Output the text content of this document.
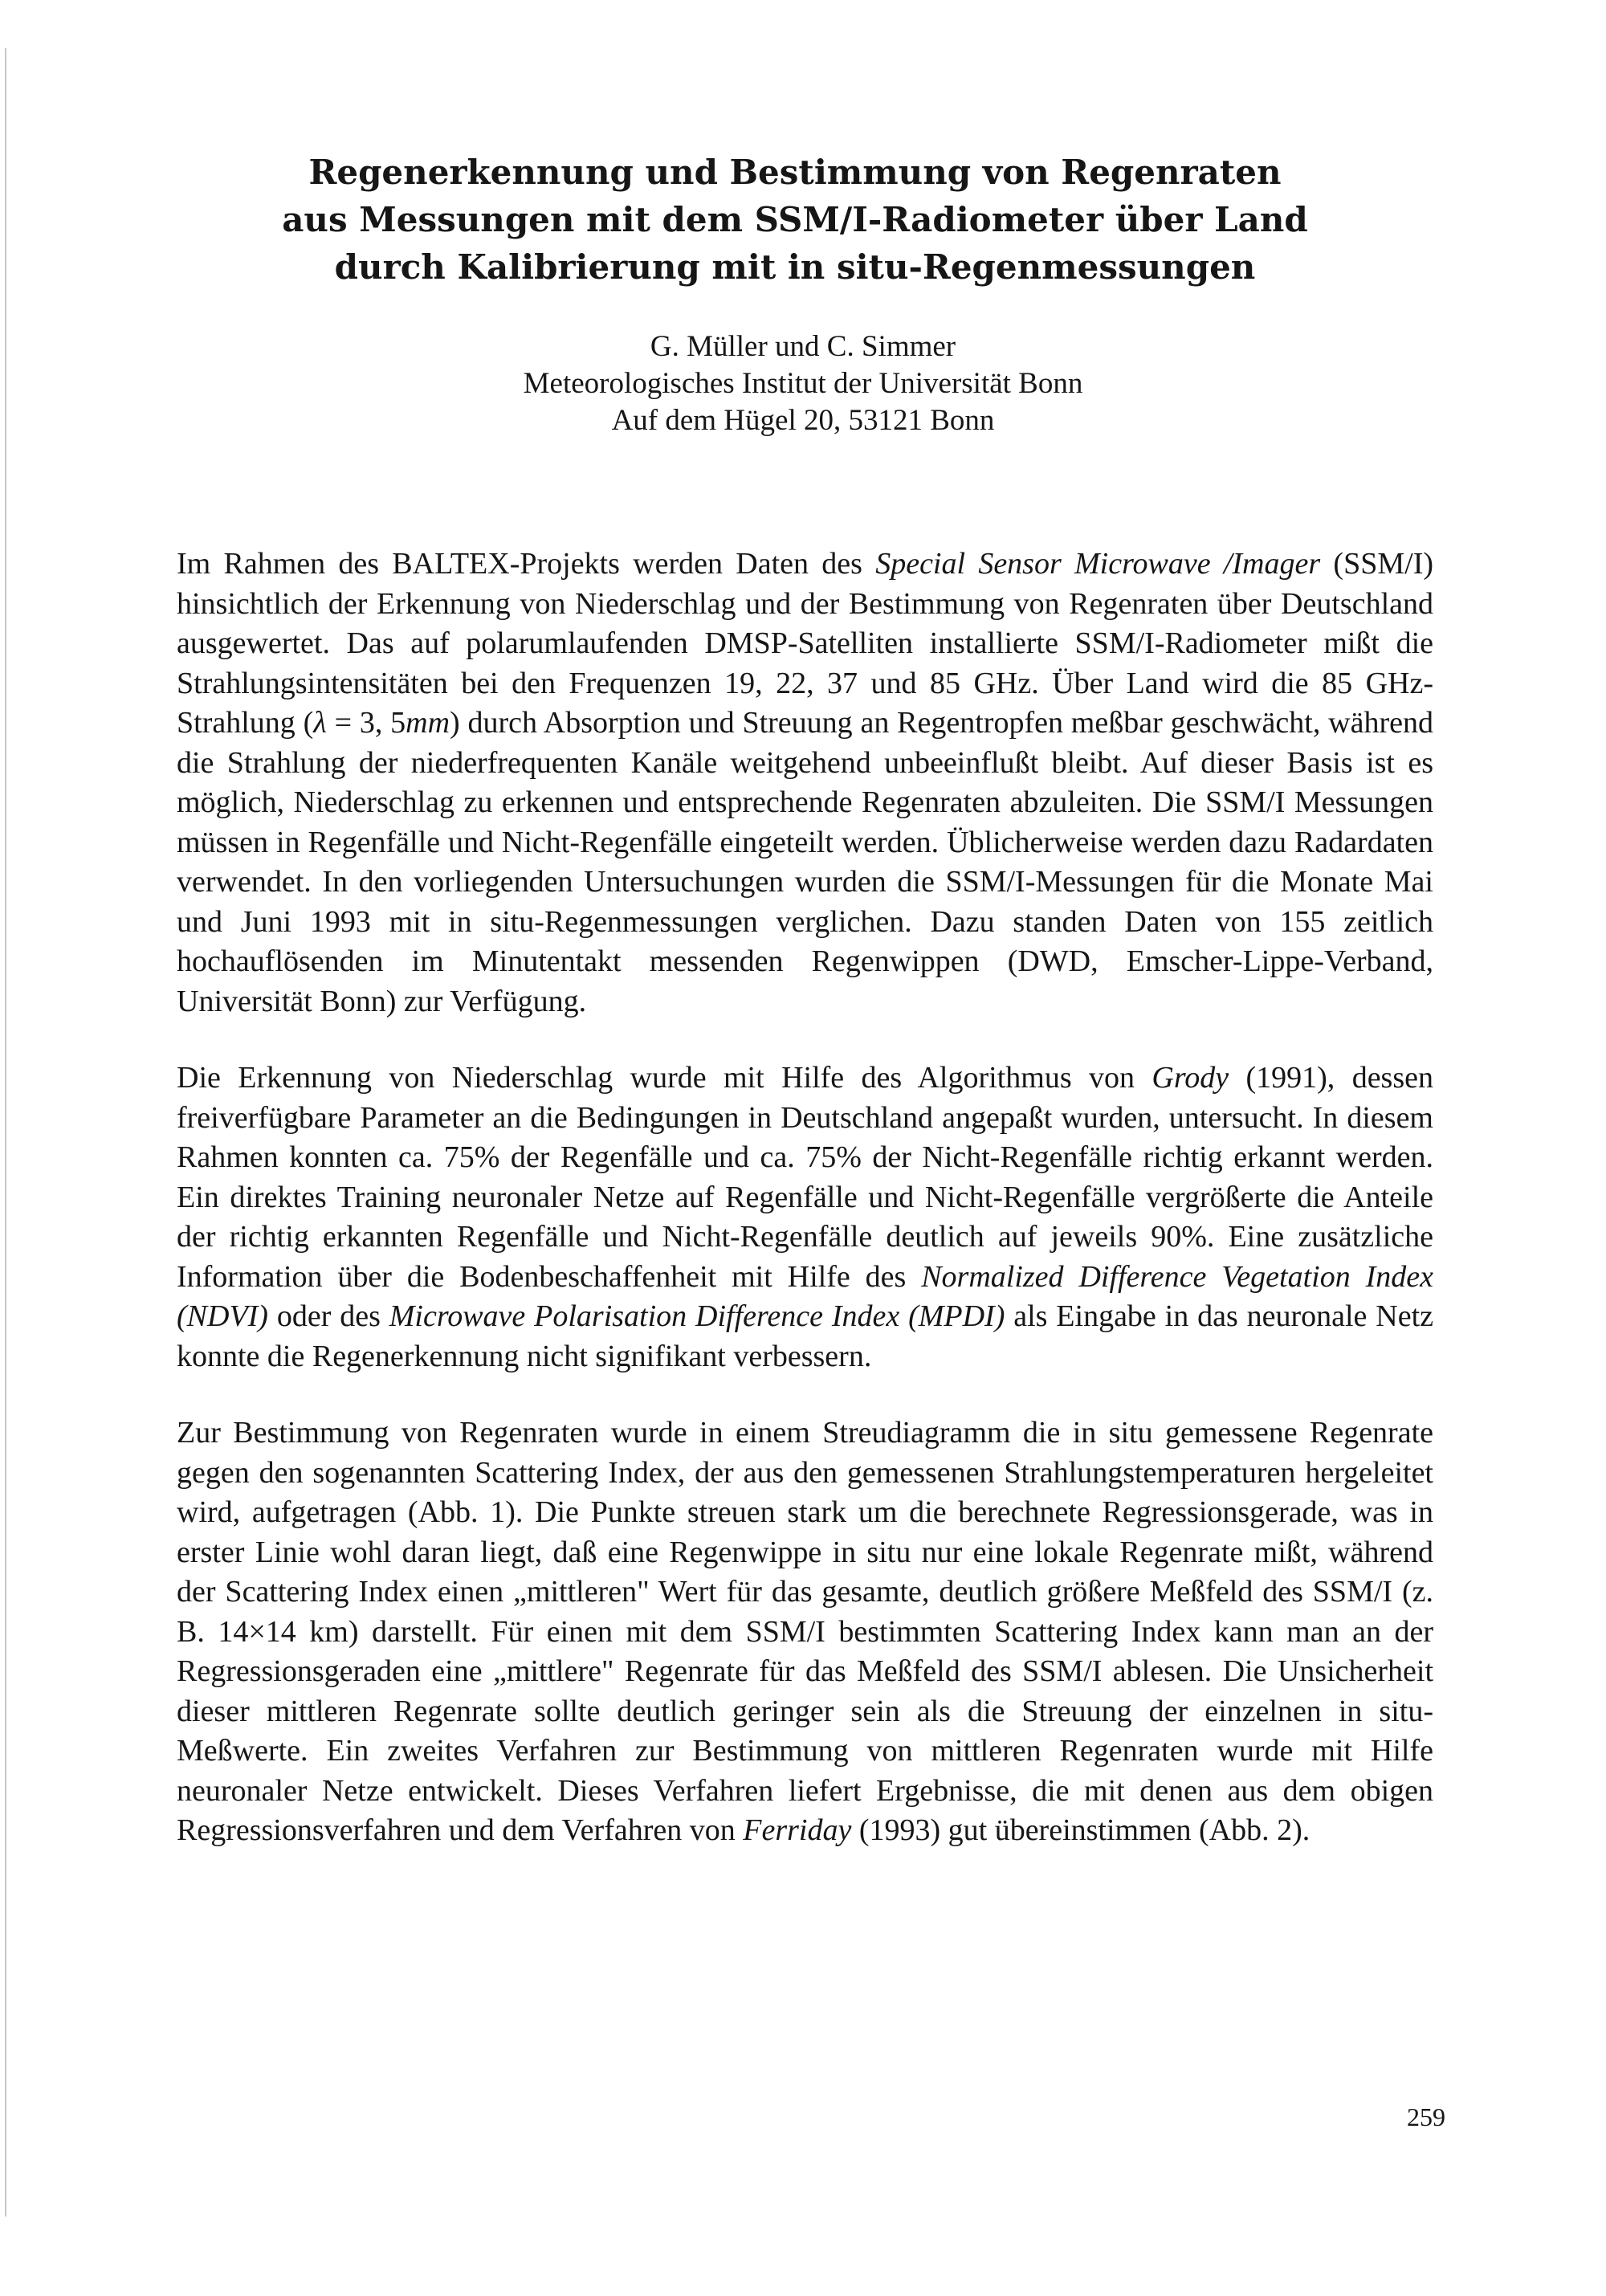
Regenerkennung und Bestimmung von Regenraten
aus Messungen mit dem SSM/I-Radiometer über Land
durch Kalibrierung mit in situ-Regenmessungen
G. Müller und C. Simmer
Meteorologisches Institut der Universität Bonn
Auf dem Hügel 20, 53121 Bonn

Im Rahmen des BALTEX-Projekts werden Daten des Special Sensor Microwave /Imager (SSM/I) hinsichtlich der Erkennung von Niederschlag und der Bestimmung von Regenraten über Deutschland ausgewertet. Das auf polarumlaufenden DMSP-Satelliten installierte SSM/I-Radiometer mißt die Strahlungsintensitäten bei den Frequenzen 19, 22, 37 und 85 GHz. Über Land wird die 85 GHz-Strahlung (λ = 3, 5mm) durch Absorption und Streuung an Regentropfen meßbar geschwächt, während die Strahlung der niederfrequenten Kanäle weitgehend unbeeinflußt bleibt. Auf dieser Basis ist es möglich, Niederschlag zu erkennen und entsprechende Regenraten abzuleiten. Die SSM/I Messungen müssen in Regenfälle und Nicht-Regenfälle eingeteilt werden. Üblicherweise werden dazu Radardaten verwendet. In den vorliegenden Untersuchungen wurden die SSM/I-Messungen für die Monate Mai und Juni 1993 mit in situ-Regenmessungen verglichen. Dazu standen Daten von 155 zeitlich hochauflösenden im Minutentakt messenden Regenwippen (DWD, Emscher-Lippe-Verband, Universität Bonn) zur Verfügung.

Die Erkennung von Niederschlag wurde mit Hilfe des Algorithmus von Grody (1991), dessen freiverfügbare Parameter an die Bedingungen in Deutschland angepaßt wurden, untersucht. In diesem Rahmen konnten ca. 75% der Regenfälle und ca. 75% der Nicht-Regenfälle richtig erkannt werden. Ein direktes Training neuronaler Netze auf Regenfälle und Nicht-Regenfälle vergrößerte die Anteile der richtig erkannten Regenfälle und Nicht-Regenfälle deutlich auf jeweils 90%. Eine zusätzliche Information über die Bodenbeschaffenheit mit Hilfe des Normalized Difference Vegetation Index (NDVI) oder des Microwave Polarisation Difference Index (MPDI) als Eingabe in das neuronale Netz konnte die Regenerkennung nicht signifikant verbessern.

Zur Bestimmung von Regenraten wurde in einem Streudiagramm die in situ gemessene Regenrate gegen den sogenannten Scattering Index, der aus den gemessenen Strahlungstemperaturen hergeleitet wird, aufgetragen (Abb. 1). Die Punkte streuen stark um die berechnete Regressionsgerade, was in erster Linie wohl daran liegt, daß eine Regenwippe in situ nur eine lokale Regenrate mißt, während der Scattering Index einen „mittleren" Wert für das gesamte, deutlich größere Meßfeld des SSM/I (z. B. 14×14 km) darstellt. Für einen mit dem SSM/I bestimmten Scattering Index kann man an der Regressionsgeraden eine „mittlere" Regenrate für das Meßfeld des SSM/I ablesen. Die Unsicherheit dieser mittleren Regenrate sollte deutlich geringer sein als die Streuung der einzelnen in situ-Meßwerte. Ein zweites Verfahren zur Bestimmung von mittleren Regenraten wurde mit Hilfe neuronaler Netze entwickelt. Dieses Verfahren liefert Ergebnisse, die mit denen aus dem obigen Regressionsverfahren und dem Verfahren von Ferriday (1993) gut übereinstimmen (Abb. 2).

259
